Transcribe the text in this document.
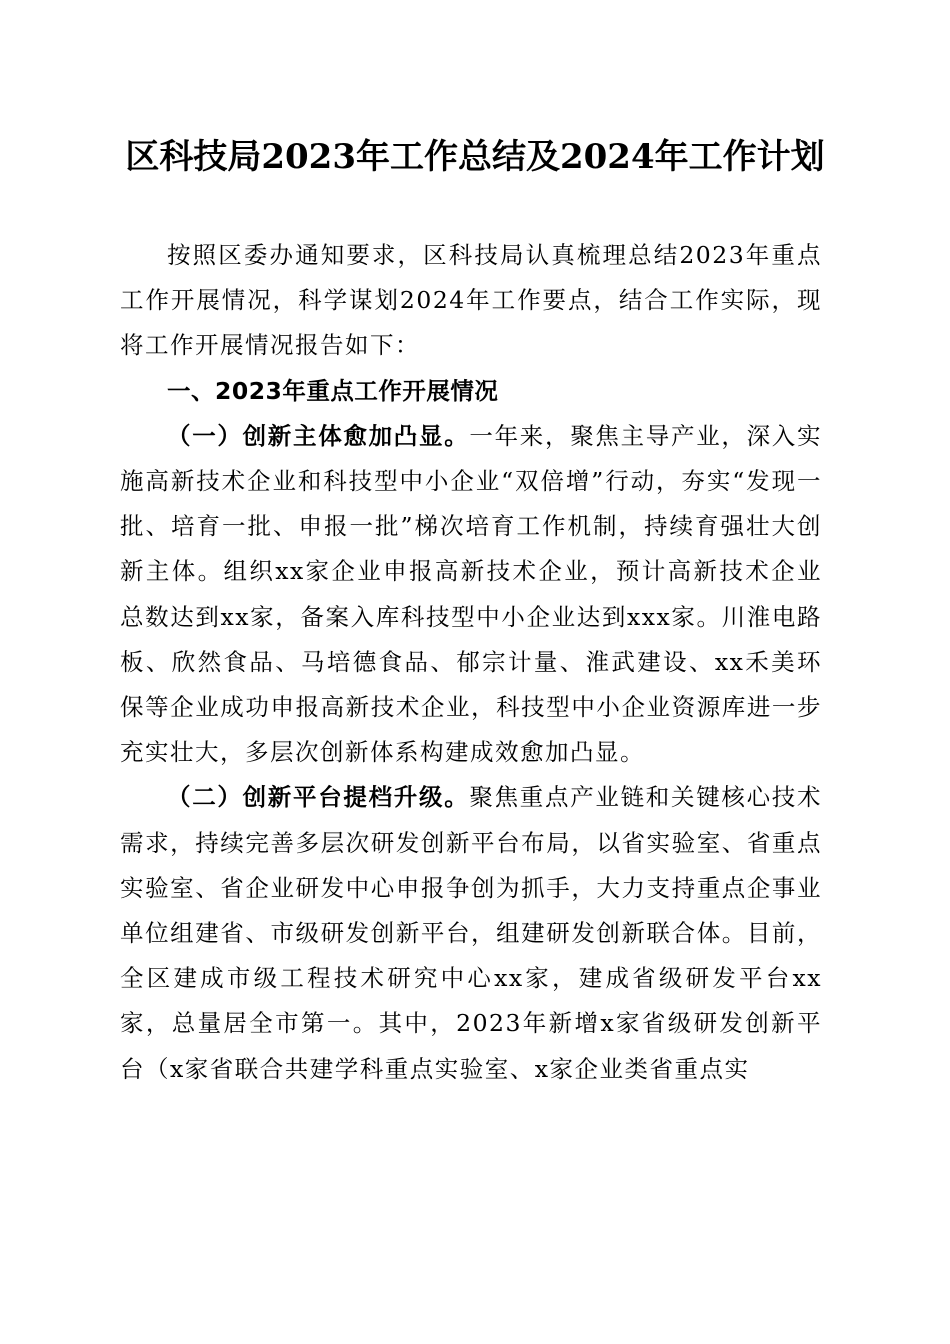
区科技局2023年工作总结及2024年工作计划

按照区委办通知要求，区科技局认真梳理总结2023年重点工作开展情况，科学谋划2024年工作要点，结合工作实际，现将工作开展情况报告如下：

一、2023年重点工作开展情况

（一）创新主体愈加凸显。一年来，聚焦主导产业，深入实施高新技术企业和科技型中小企业“双倍增”行动，夯实“发现一批、培育一批、申报一批”梯次培育工作机制，持续育强壮大创新主体。组织xx家企业申报高新技术企业，预计高新技术企业总数达到xx家，备案入库科技型中小企业达到xxx家。川淮电路板、欣然食品、马培德食品、郁宗计量、淮武建设、xx禾美环保等企业成功申报高新技术企业，科技型中小企业资源库进一步充实壮大，多层次创新体系构建成效愈加凸显。

（二）创新平台提档升级。聚焦重点产业链和关键核心技术需求，持续完善多层次研发创新平台布局，以省实验室、省重点实验室、省企业研发中心申报争创为抓手，大力支持重点企事业单位组建省、市级研发创新平台，组建研发创新联合体。目前，全区建成市级工程技术研究中心xx家，建成省级研发平台xx家，总量居全市第一。其中，2023年新增x家省级研发创新平台（x家省联合共建学科重点实验室、x家企业类省重点实
